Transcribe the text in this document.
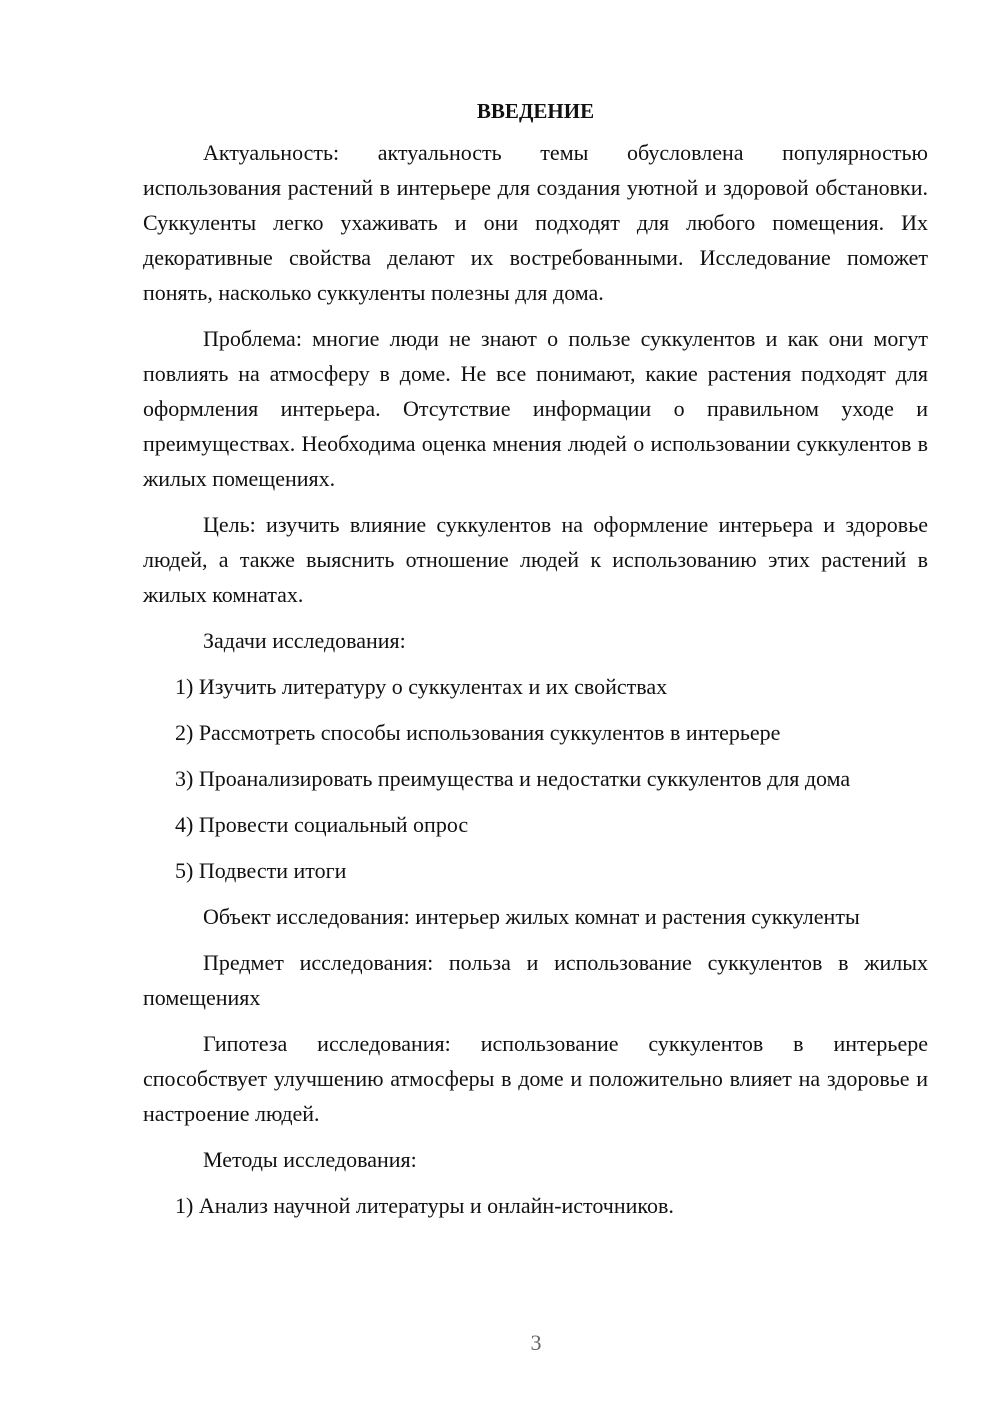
ВВЕДЕНИЕ

Актуальность: актуальность темы обусловлена популярностью использования растений в интерьере для создания уютной и здоровой обстановки. Суккуленты легко ухаживать и они подходят для любого помещения. Их декоративные свойства делают их востребованными. Исследование поможет понять, насколько суккуленты полезны для дома.

Проблема: многие люди не знают о пользе суккулентов и как они могут повлиять на атмосферу в доме. Не все понимают, какие растения подходят для оформления интерьера. Отсутствие информации о правильном уходе и преимуществах. Необходима оценка мнения людей о использовании суккулентов в жилых помещениях.

Цель: изучить влияние суккулентов на оформление интерьера и здоровье людей, а также выяснить отношение людей к использованию этих растений в жилых комнатах.

Задачи исследования:

1) Изучить литературу о суккулентах и их свойствах

2) Рассмотреть способы использования суккулентов в интерьере

3) Проанализировать преимущества и недостатки суккулентов для дома

4) Провести социальный опрос

5) Подвести итоги

Объект исследования: интерьер жилых комнат и растения суккуленты

Предмет исследования: польза и использование суккулентов в жилых помещениях

Гипотеза исследования: использование суккулентов в интерьере способствует улучшению атмосферы в доме и положительно влияет на здоровье и настроение людей.

Методы исследования:

1) Анализ научной литературы и онлайн-источников.

3
